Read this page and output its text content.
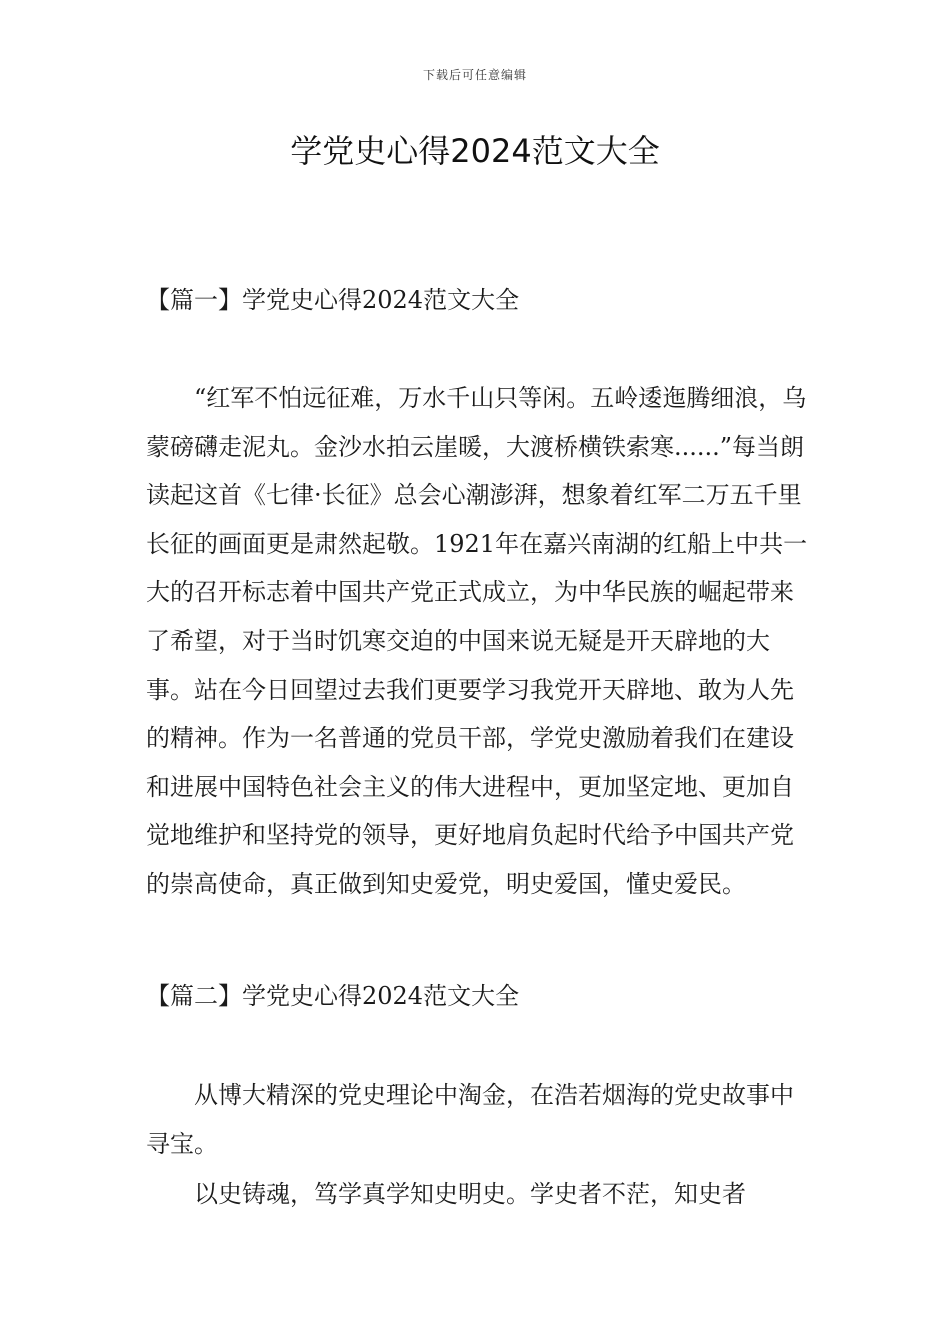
下载后可任意编辑
学党史心得2024范文大全
【篇一】学党史心得2024范文大全

“红军不怕远征难，万水千山只等闲。五岭逶迤腾细浪，乌蒙磅礴走泥丸。金沙水拍云崖暖，大渡桥横铁索寒......”每当朗读起这首《七律·长征》总会心潮澎湃，想象着红军二万五千里长征的画面更是肃然起敬。1921年在嘉兴南湖的红船上中共一大的召开标志着中国共产党正式成立，为中华民族的崛起带来了希望，对于当时饥寒交迫的中国来说无疑是开天辟地的大事。站在今日回望过去我们更要学习我党开天辟地、敢为人先的精神。作为一名普通的党员干部，学党史激励着我们在建设和进展中国特色社会主义的伟大进程中，更加坚定地、更加自觉地维护和坚持党的领导，更好地肩负起时代给予中国共产党的崇高使命，真正做到知史爱党，明史爱国，懂史爱民。

【篇二】学党史心得2024范文大全

从博大精深的党史理论中淘金，在浩若烟海的党史故事中寻宝。

以史铸魂，笃学真学知史明史。学史者不茫，知史者
